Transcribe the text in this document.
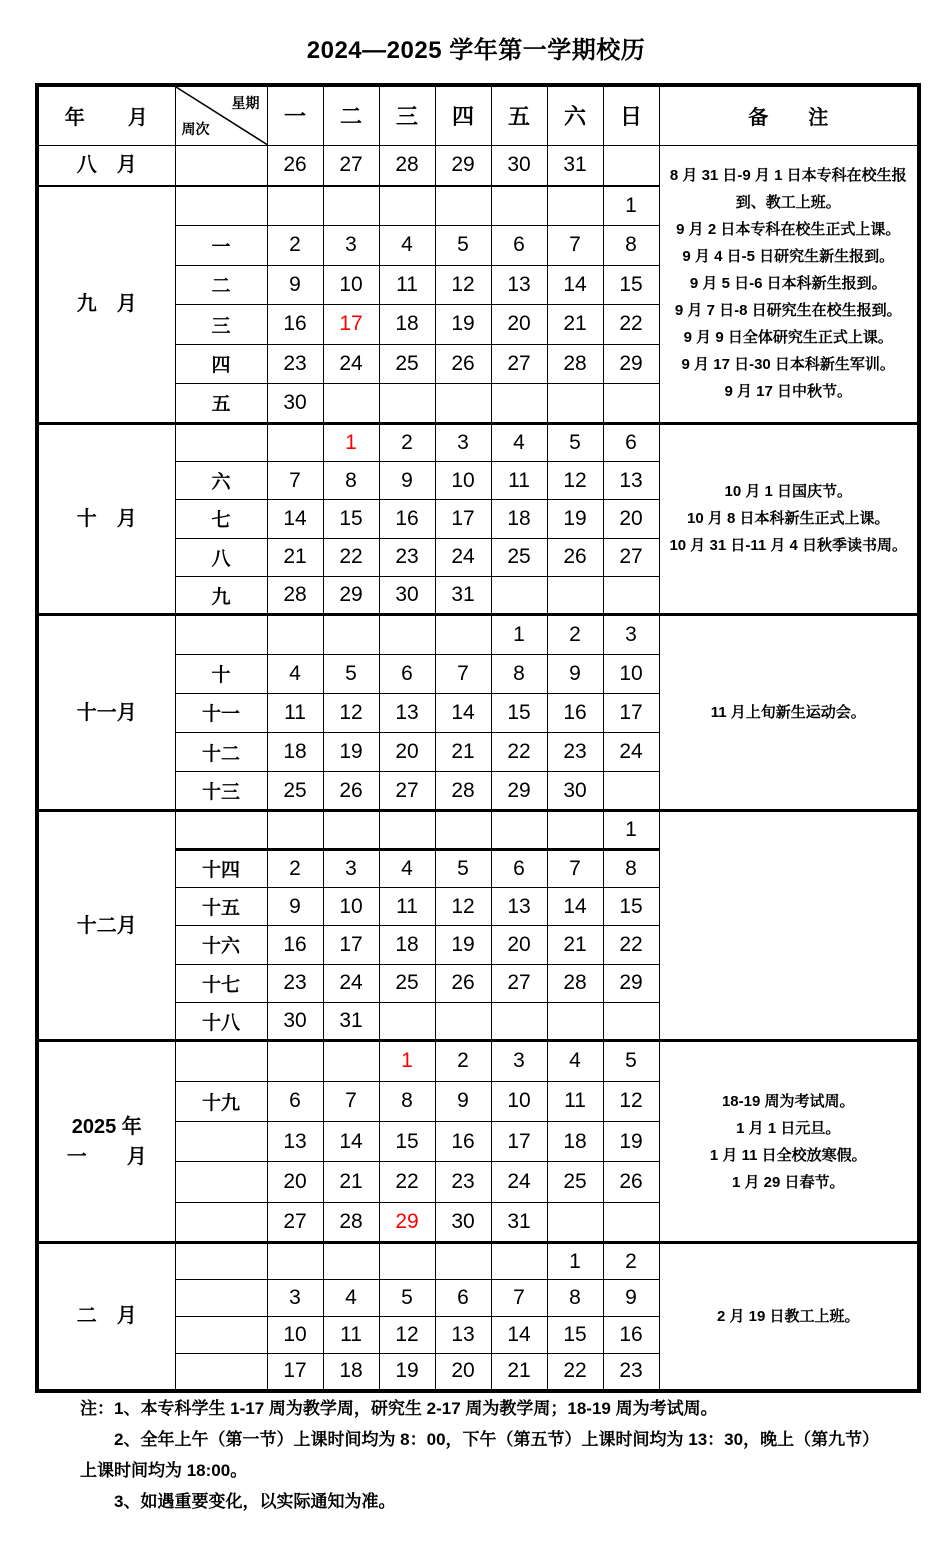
2024—2025 学年第一学期校历
年　　月	星期
周次	一	二	三	四	五	六	日	备　　注

八　月		26	27	28	29	30	31		8 月 31 日-9 月 1 日本专科在校生报到、教工上班。
9 月 2 日本专科在校生正式上课。
9 月 4 日-5 日研究生新生报到。
9 月 5 日-6 日本科新生报到。
9 月 7 日-8 日研究生在校生报到。
9 月 9 日全体研究生正式上课。
9 月 17 日-30 日本科新生军训。
9 月 17 日中秋节。

九　月								1	
	一	2	3	4	5	6	7	8	
	二	9	10	11	12	13	14	15	
	三	16	17	18	19	20	21	22	
	四	23	24	25	26	27	28	29	
	五	30							

十　月			1	2	3	4	5	6	10 月 1 日国庆节。
10 月 8 日本科新生正式上课。
10 月 31 日-11 月 4 日秋季读书周。

	六	7	8	9	10	11	12	13	
	七	14	15	16	17	18	19	20	
	八	21	22	23	24	25	26	27	
	九	28	29	30	31				

十一月						1	2	3	11 月上旬新生运动会。

	十	4	5	6	7	8	9	10	
	十一	11	12	13	14	15	16	17	
	十二	18	19	20	21	22	23	24	
	十三	25	26	27	28	29	30		

十二月								1	
	十四	2	3	4	5	6	7	8	
	十五	9	10	11	12	13	14	15	
	十六	16	17	18	19	20	21	22	
	十七	23	24	25	26	27	28	29	
	十八	30	31						

2025 年
一　　月
				1	2	3	4	5	
18-19 周为考试周。
1 月 1 日元旦。
1 月 11 日全校放寒假。
1 月 29 日春节。

	十九	6	7	8	9	10	11	12	
		13	14	15	16	17	18	19	
		20	21	22	23	24	25	26	
		27	28	29	30	31			

二　月							1	2	2 月 19 日教工上班。

		3	4	5	6	7	8	9	
		10	11	12	13	14	15	16	
		17	18	19	20	21	22	23	

注：1、本专科学生 1-17 周为教学周，研究生 2-17 周为教学周；18-19 周为考试周。

2、全年上午（第一节）上课时间均为 8：00，下午（第五节）上课时间均为 13：30，晚上（第九节）

上课时间均为 18:00。

3、如遇重要变化，以实际通知为准。
